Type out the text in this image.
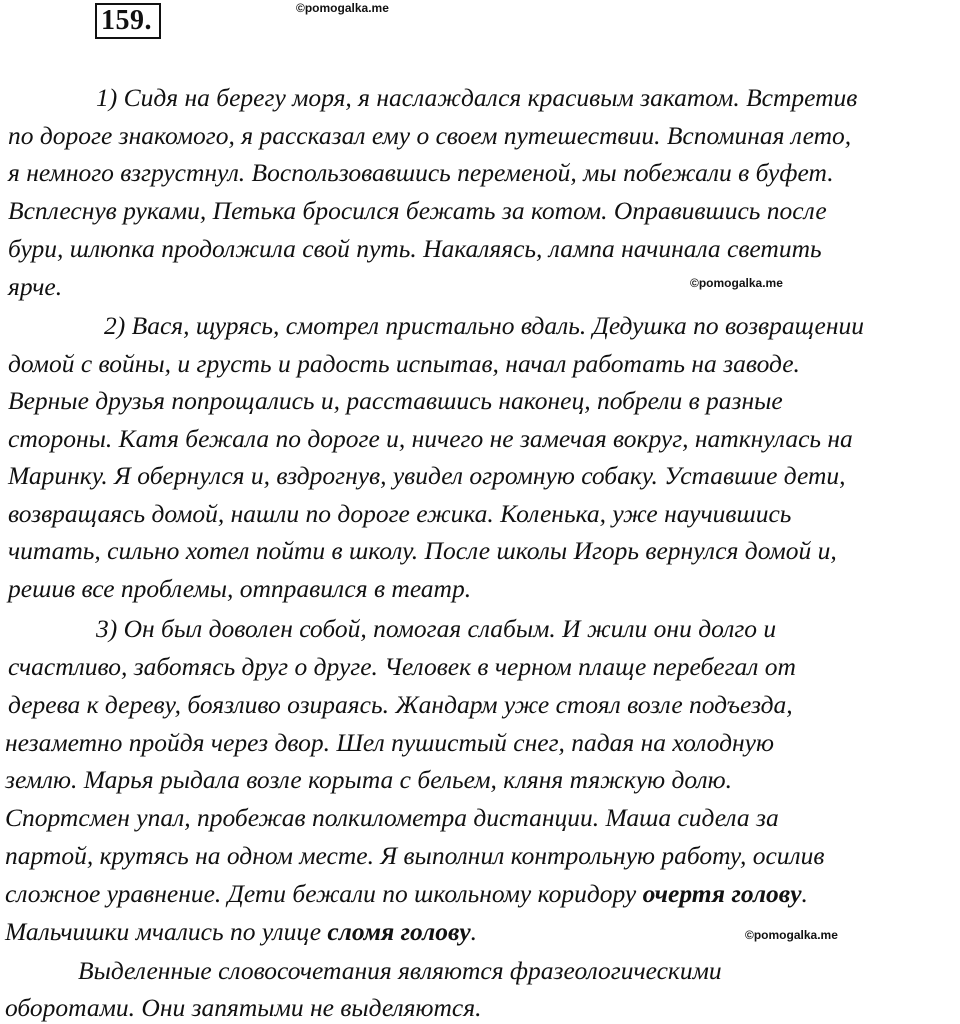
159.	©pomogalka.me
©pomogalka.me
©pomogalka.me
1) Сидя на берегу моря, я наслаждался красивым закатом. Встретив
по дороге знакомого, я рассказал ему о своем путешествии. Вспоминая лето,
я немного взгрустнул. Воспользовавшись переменой, мы побежали в буфет.
Всплеснув руками, Петька бросился бежать за котом. Оправившись после
бури, шлюпка продолжила свой путь. Накаляясь, лампа начинала светить
ярче.
2) Вася, щурясь, смотрел пристально вдаль. Дедушка по возвращении
домой с войны, и грусть и радость испытав, начал работать на заводе.
Верные друзья попрощались и, расставшись наконец, побрели в разные
стороны. Катя бежала по дороге и, ничего не замечая вокруг, наткнулась на
Маринку. Я обернулся и, вздрогнув, увидел огромную собаку. Уставшие дети,
возвращаясь домой, нашли по дороге ежика. Коленька, уже научившись
читать, сильно хотел пойти в школу. После школы Игорь вернулся домой и,
решив все проблемы, отправился в театр.
3) Он был доволен собой, помогая слабым. И жили они долго и
счастливо, заботясь друг о друге. Человек в черном плаще перебегал от
дерева к дереву, боязливо озираясь. Жандарм уже стоял возле подъезда,
незаметно пройдя через двор. Шел пушистый снег, падая на холодную
землю. Марья рыдала возле корыта с бельем, кляня тяжкую долю.
Спортсмен упал, пробежав полкилометра дистанции. Маша сидела за
партой, крутясь на одном месте. Я выполнил контрольную работу, осилив
сложное уравнение. Дети бежали по школьному коридору очертя голову.
Мальчишки мчались по улице сломя голову.
Выделенные словосочетания являются фразеологическими
оборотами. Они запятыми не выделяются.
